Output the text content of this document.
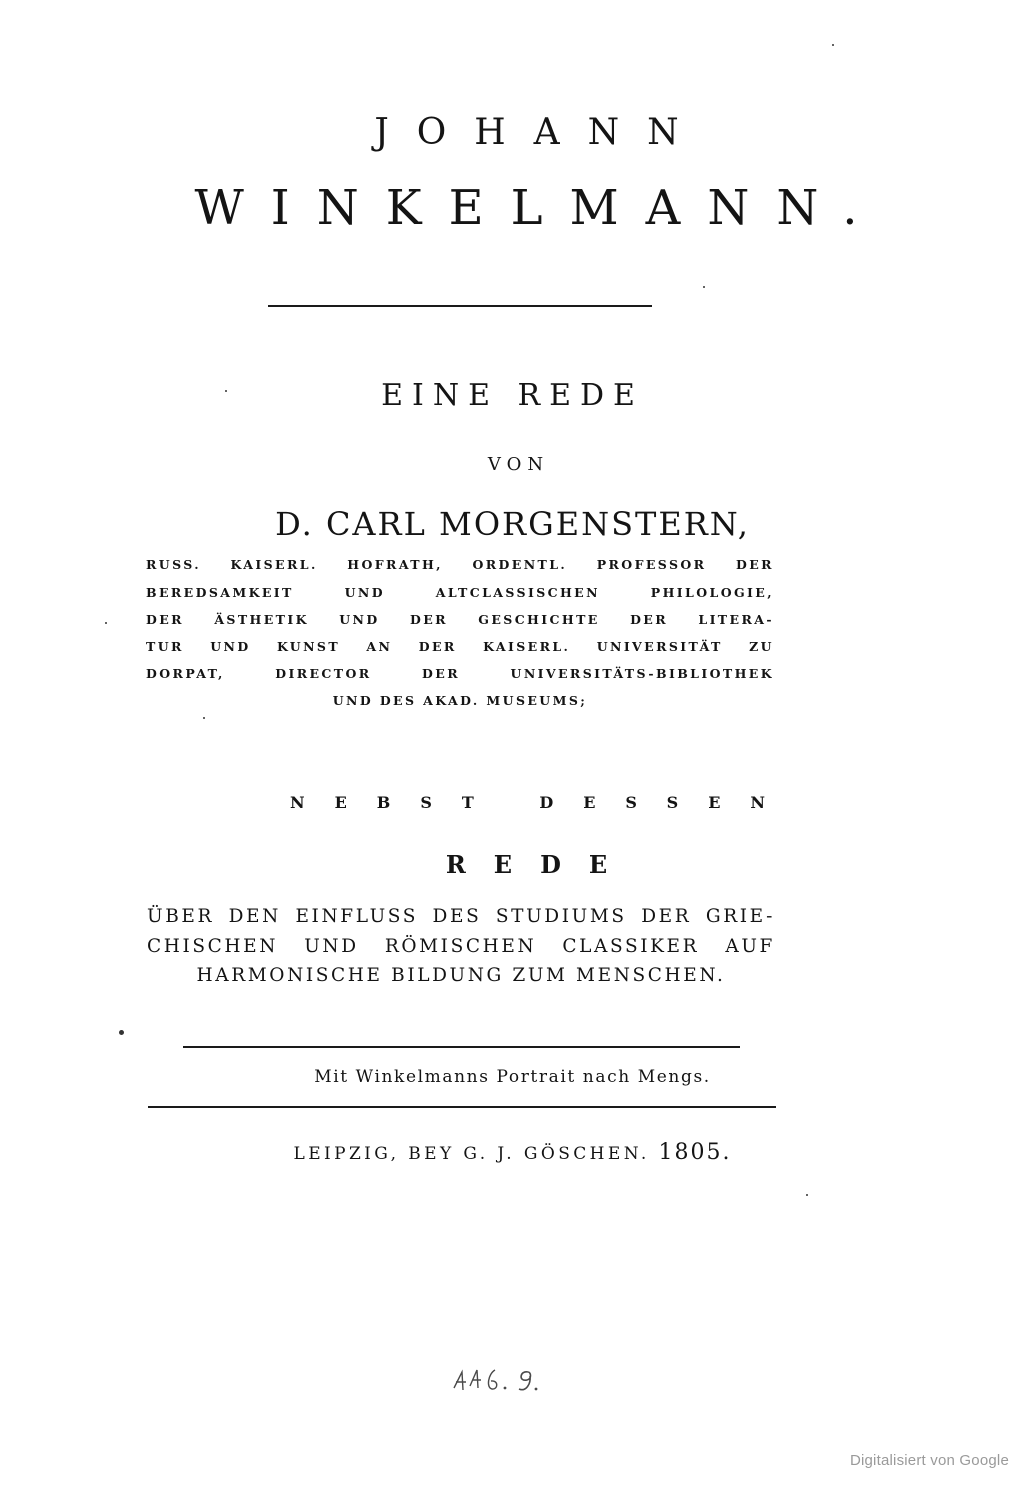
JOHANN
WINKELMANN.
EINE REDE
VON
D. CARL MORGENSTERN,
RUSS. KAISERL. HOFRATH, ORDENTL. PROFESSOR DER
BEREDSAMKEIT	UND	ALTCLASSISCHEN	PHILOLOGIE,
DER ÄSTHETIK UND DER GESCHICHTE DER LITERA-
TUR UND KUNST AN DER KAISERL. UNIVERSITÄT ZU
DORPAT,	DIRECTOR	DER	UNIVERSITÄTS-BIBLIOTHEK
UND DES AKAD. MUSEUMS;
NEBST DESSEN
REDE
ÜBER DEN EINFLUSS DES STUDIUMS DER GRIE-
CHISCHEN UND RÖMISCHEN CLASSIKER AUF
HARMONISCHE BILDUNG ZUM MENSCHEN.
Mit Winkelmanns Portrait nach Mengs.
LEIPZIG, BEY G. J. GÖSCHEN. 1805.
Digitalisiert von Google
